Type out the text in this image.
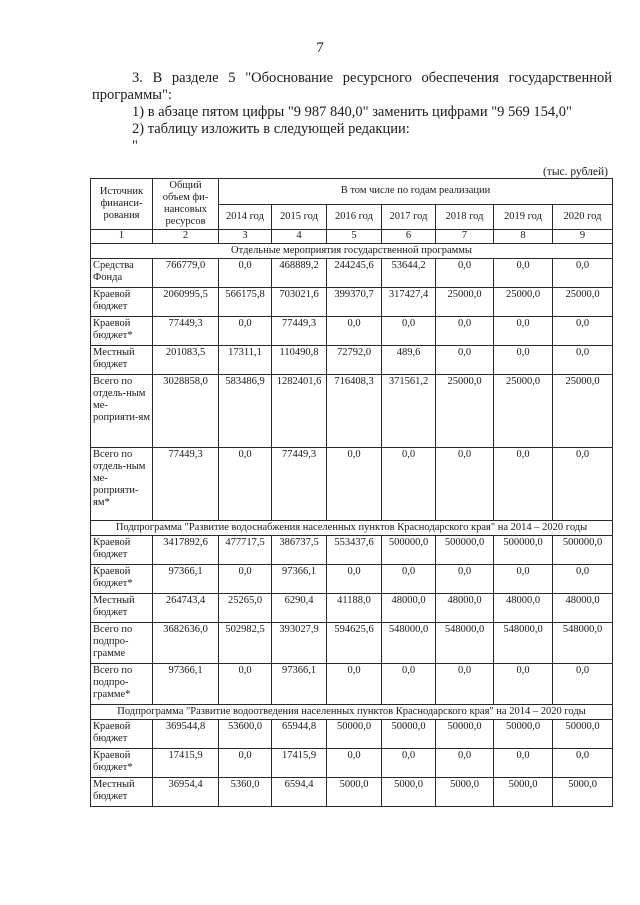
7

3. В разделе 5 "Обоснование ресурсного обеспечения государственной программы":

1) в абзаце пятом цифры "9 987 840,0" заменить цифрами "9 569 154,0"

2) таблицу изложить в следующей редакции:

"

(тыс. рублей)
Источник финанси-рования	Общий объем фи-нансовых ресурсов	В том числе по годам реализации						
		2014 год	2015 год	2016 год	2017 год	2018 год	2019 год	2020 год
1	2	3	4	5	6	7	8	9
Отдельные мероприятия государственной программы								
Средства Фонда	766779,0	0,0	468889,2	244245,6	53644,2	0,0	0,0	0,0
Краевой бюджет	2060995,5	566175,8	703021,6	399370,7	317427,4	25000,0	25000,0	25000,0
Краевой бюджет*	77449,3	0,0	77449,3	0,0	0,0	0,0	0,0	0,0
Местный бюджет	201083,5	17311,1	110490,8	72792,0	489,6	0,0	0,0	0,0
Всего по отдель-ным ме-роприяти-ям	3028858,0	583486,9	1282401,6	716408,3	371561,2	25000,0	25000,0	25000,0
Всего по отдель-ным ме-роприяти-ям*	77449,3	0,0	77449,3	0,0	0,0	0,0	0,0	0,0
Подпрограмма "Развитие водоснабжения населенных пунктов Краснодарского края" на 2014 – 2020 годы								
Краевой бюджет	3417892,6	477717,5	386737,5	553437,6	500000,0	500000,0	500000,0	500000,0
Краевой бюджет*	97366,1	0,0	97366,1	0,0	0,0	0,0	0,0	0,0
Местный бюджет	264743,4	25265,0	6290,4	41188,0	48000,0	48000,0	48000,0	48000,0
Всего по подпро-грамме	3682636,0	502982,5	393027,9	594625,6	548000,0	548000,0	548000,0	548000,0
Всего по подпро-грамме*	97366,1	0,0	97366,1	0,0	0,0	0,0	0,0	0,0
Подпрограмма "Развитие водоотведения населенных пунктов Краснодарского края" на 2014 – 2020 годы								
Краевой бюджет	369544,8	53600,0	65944,8	50000,0	50000,0	50000,0	50000,0	50000,0
Краевой бюджет*	17415,9	0,0	17415,9	0,0	0,0	0,0	0,0	0,0
Местный бюджет	36954,4	5360,0	6594,4	5000,0	5000,0	5000,0	5000,0	5000,0
